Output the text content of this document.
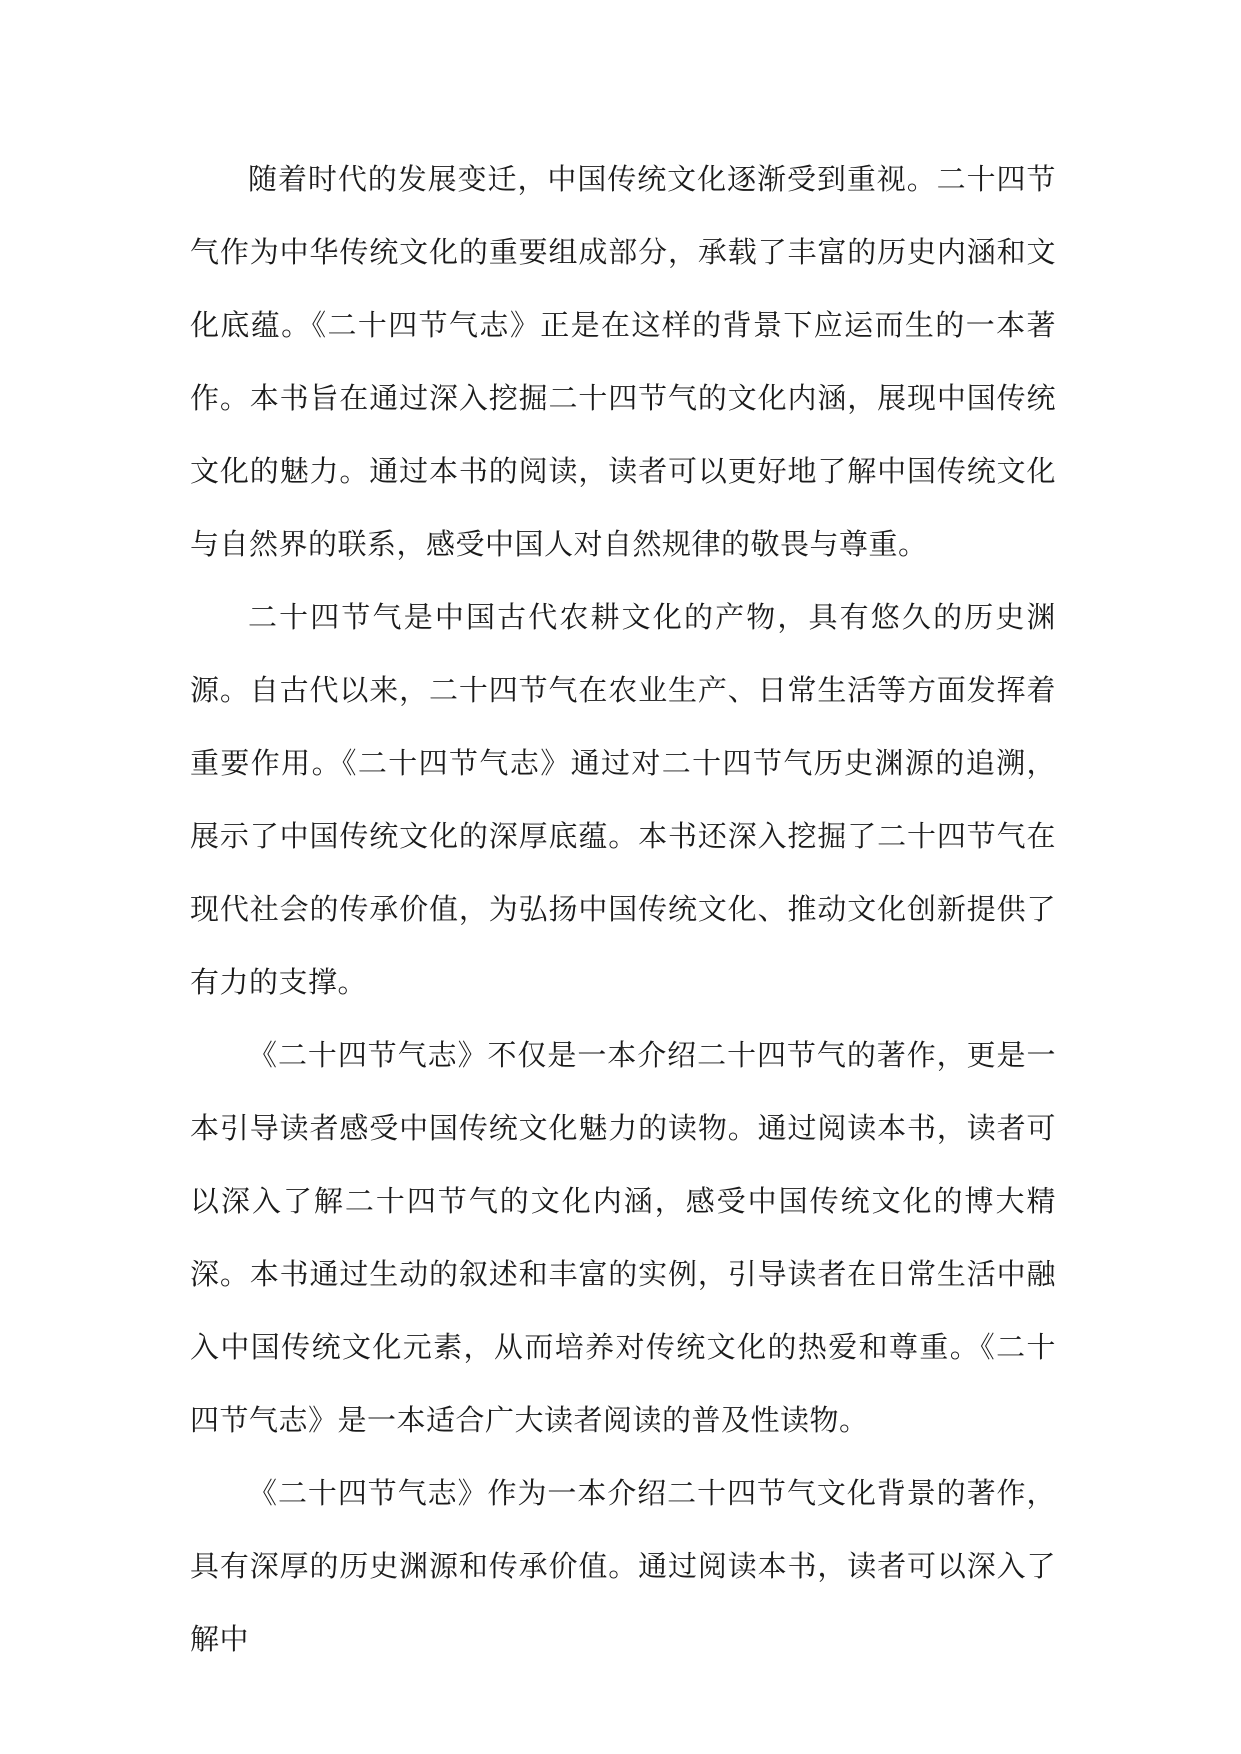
随着时代的发展变迁，中国传统文化逐渐受到重视。二十四节气作为中华传统文化的重要组成部分，承载了丰富的历史内涵和文化底蕴。《二十四节气志》正是在这样的背景下应运而生的一本著作。本书旨在通过深入挖掘二十四节气的文化内涵，展现中国传统文化的魅力。通过本书的阅读，读者可以更好地了解中国传统文化与自然界的联系，感受中国人对自然规律的敬畏与尊重。

二十四节气是中国古代农耕文化的产物，具有悠久的历史渊源。自古代以来，二十四节气在农业生产、日常生活等方面发挥着重要作用。《二十四节气志》通过对二十四节气历史渊源的追溯，展示了中国传统文化的深厚底蕴。本书还深入挖掘了二十四节气在现代社会的传承价值，为弘扬中国传统文化、推动文化创新提供了有力的支撑。

《二十四节气志》不仅是一本介绍二十四节气的著作，更是一本引导读者感受中国传统文化魅力的读物。通过阅读本书，读者可以深入了解二十四节气的文化内涵，感受中国传统文化的博大精深。本书通过生动的叙述和丰富的实例，引导读者在日常生活中融入中国传统文化元素，从而培养对传统文化的热爱和尊重。《二十四节气志》是一本适合广大读者阅读的普及性读物。

《二十四节气志》作为一本介绍二十四节气文化背景的著作，具有深厚的历史渊源和传承价值。通过阅读本书，读者可以深入了解中
